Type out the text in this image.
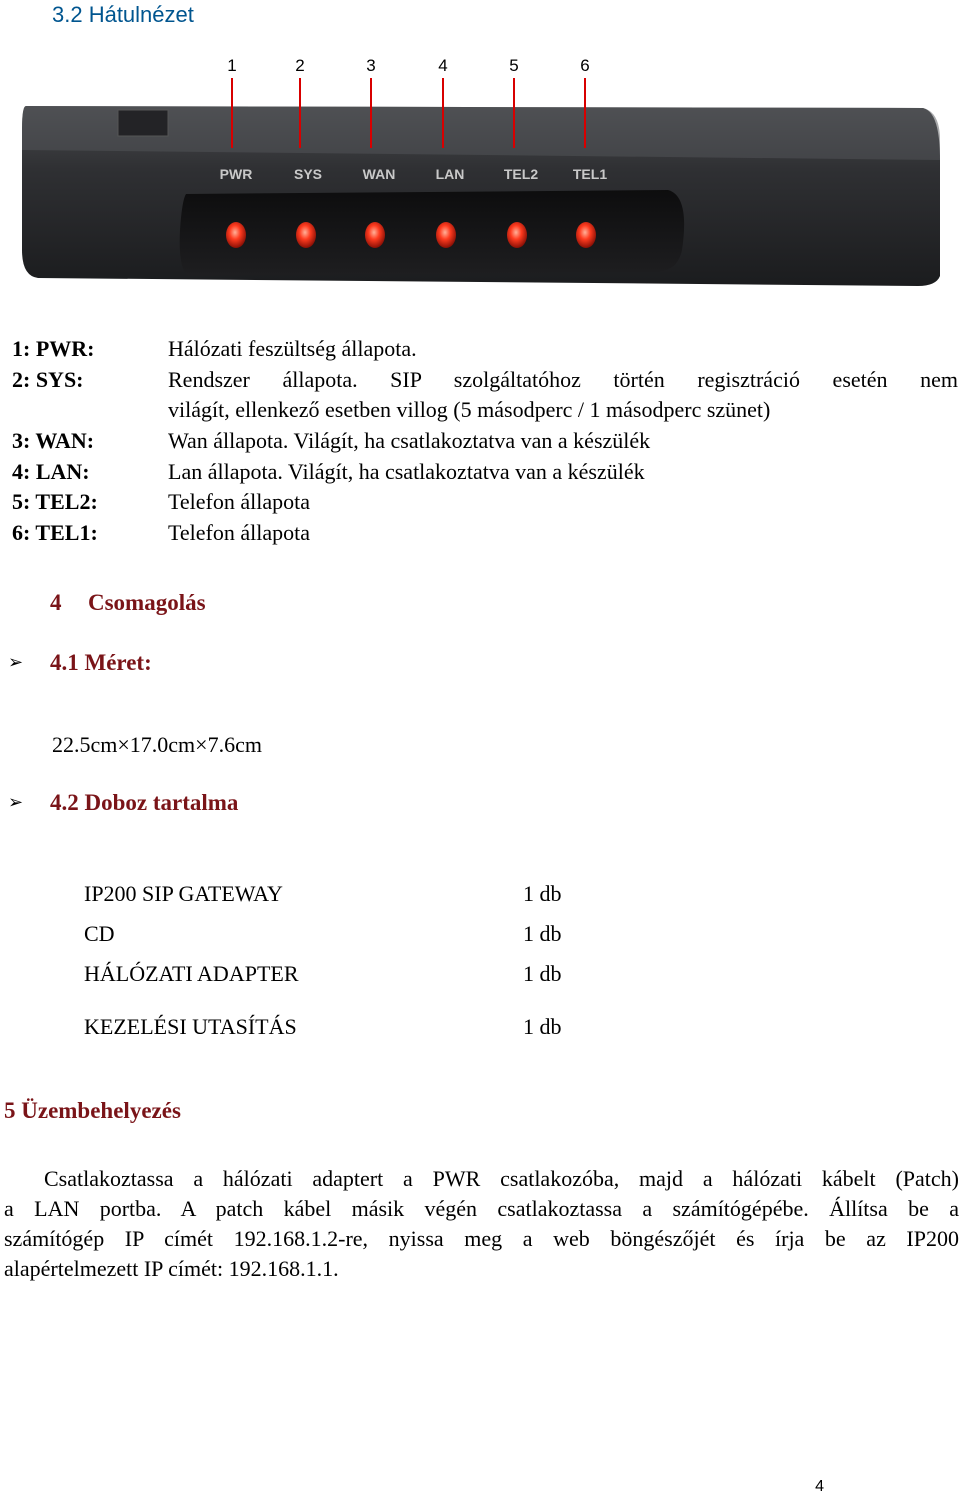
3.2 Hátulnézet
1	2	3	4	5	6
PWR	SYS	WAN	LAN	TEL2 TEL1
1: PWR:	Hálózati feszültség állapota.
2: SYS:	Rendszer állapota. SIP szolgáltatóhoz történ regisztráció esetén nem
világít, ellenkező esetben villog (5 másodperc / 1 másodperc szünet)
3: WAN:	Wan állapota. Világít, ha csatlakoztatva van a készülék
4: LAN:	Lan állapota. Világít, ha csatlakoztatva van a készülék
5: TEL2:	Telefon állapota
6: TEL1:	Telefon állapota
4 Csomagolás
➢ 4.1 Méret:
22.5cm×17.0cm×7.6cm
➢ 4.2 Doboz tartalma
IP200 SIP GATEWAY	1 db
CD	1 db
HÁLÓZATI ADAPTER	1 db
KEZELÉSI UTASÍTÁS	1 db
5 Üzembehelyezés
Csatlakoztassa a hálózati adaptert a PWR csatlakozóba, majd a hálózati kábelt (Patch)
a LAN portba. A patch kábel másik végén csatlakoztassa a számítógépébe. Állítsa be a
számítógép IP címét 192.168.1.2-re, nyissa meg a web böngészőjét és írja be az IP200
alapértelmezett IP címét: 192.168.1.1.
4
